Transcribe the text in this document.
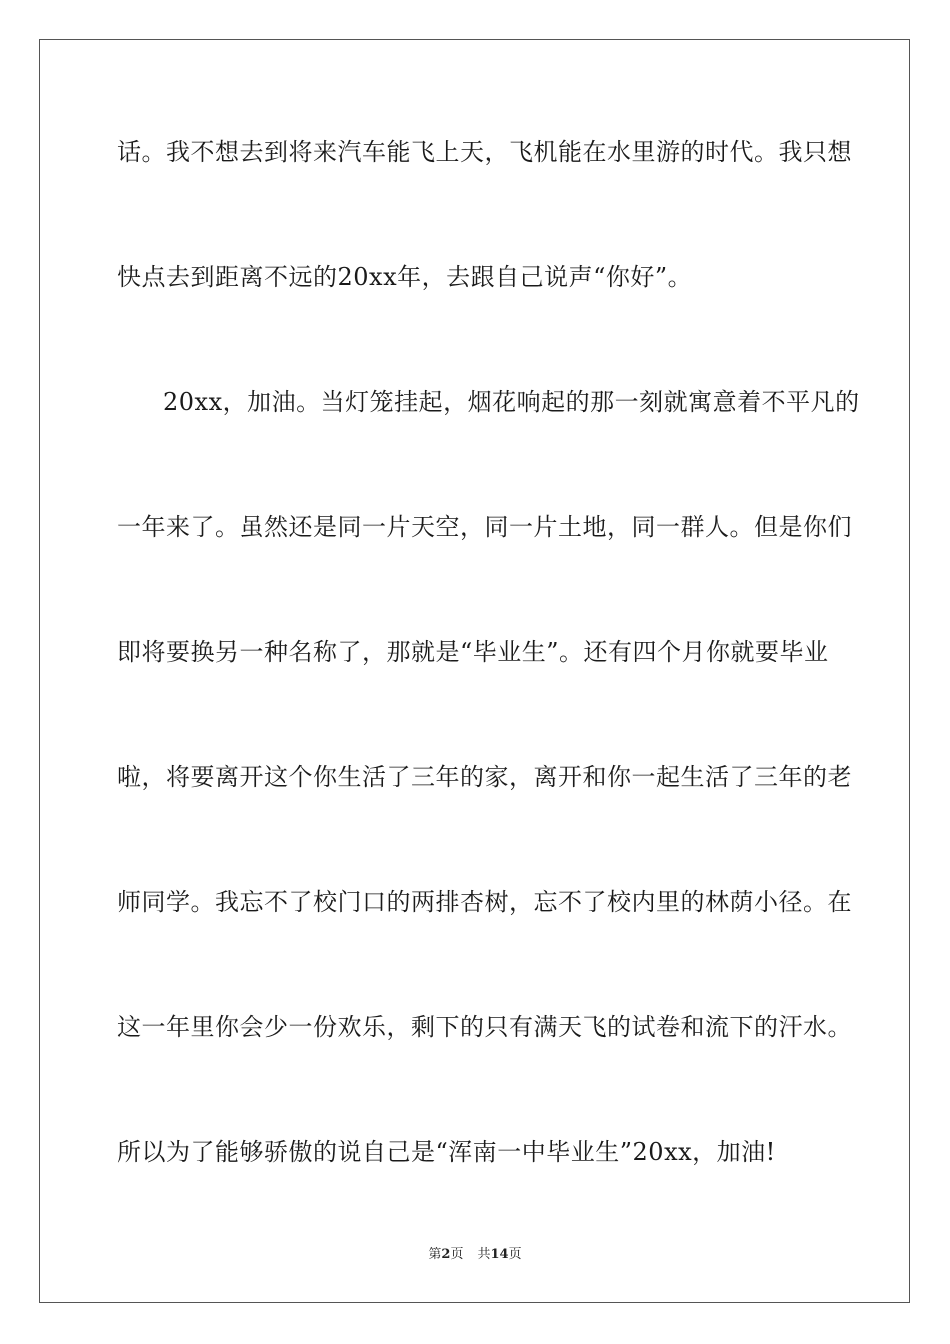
话。我不想去到将来汽车能飞上天，飞机能在水里游的时代。我只想
快点去到距离不远的20xx年，去跟自己说声“你好”。
20xx，加油。当灯笼挂起，烟花响起的那一刻就寓意着不平凡的
一年来了。虽然还是同一片天空，同一片土地，同一群人。但是你们
即将要换另一种名称了，那就是“毕业生”。还有四个月你就要毕业
啦，将要离开这个你生活了三年的家，离开和你一起生活了三年的老
师同学。我忘不了校门口的两排杏树，忘不了校内里的林荫小径。在
这一年里你会少一份欢乐，剩下的只有满天飞的试卷和流下的汗水。
所以为了能够骄傲的说自己是“浑南一中毕业生”20xx，加油!
第2页 共14页
